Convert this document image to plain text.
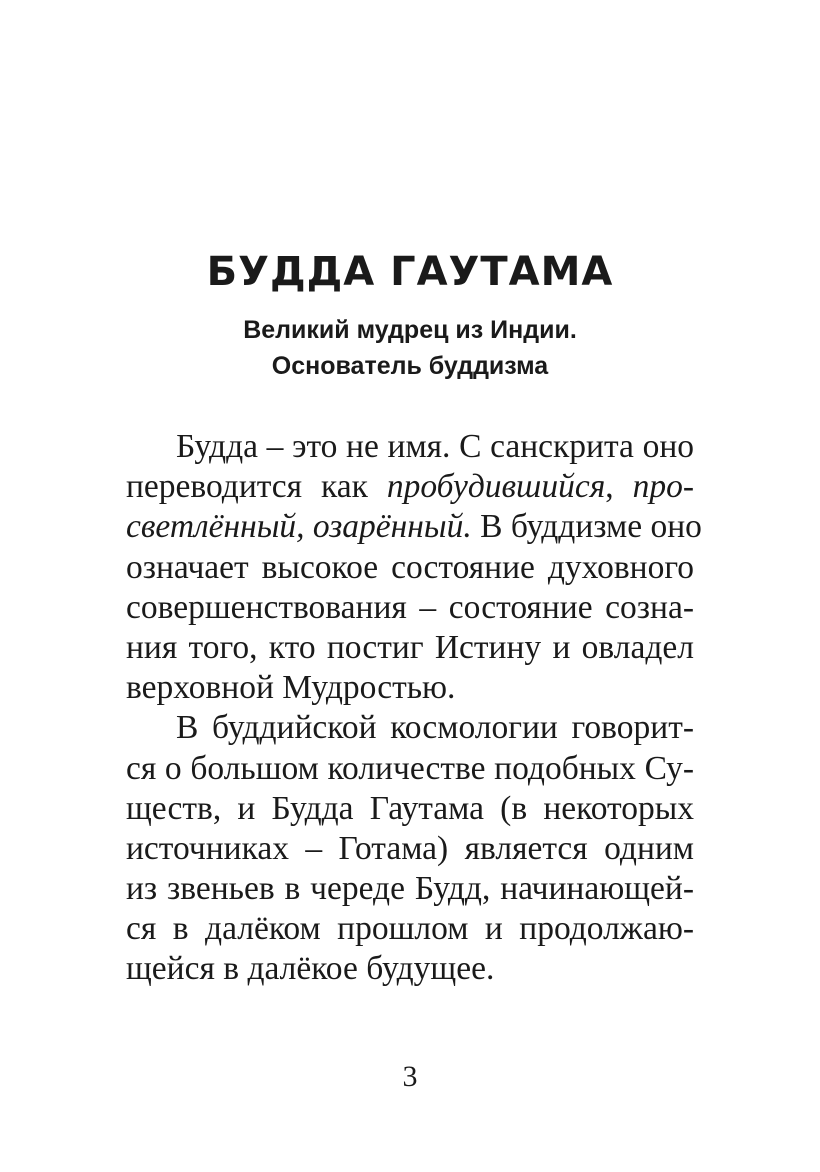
БУДДА ГАУТАМА
Великий мудрец из Индии.
Основатель буддизма
Будда – это не имя. С санскрита оно
переводится как пробудившийся, про-
светлённый, озарённый. В буддизме оно
означает высокое состояние духовного
совершенствования – состояние созна-
ния того, кто постиг Истину и овладел
верховной Мудростью.
В буддийской космологии говорит-
ся о большом количестве подобных Су-
ществ, и Будда Гаутама (в некоторых
источниках – Готама) является одним
из звеньев в череде Будд, начинающей-
ся в далёком прошлом и продолжаю-
щейся в далёкое будущее.
3
